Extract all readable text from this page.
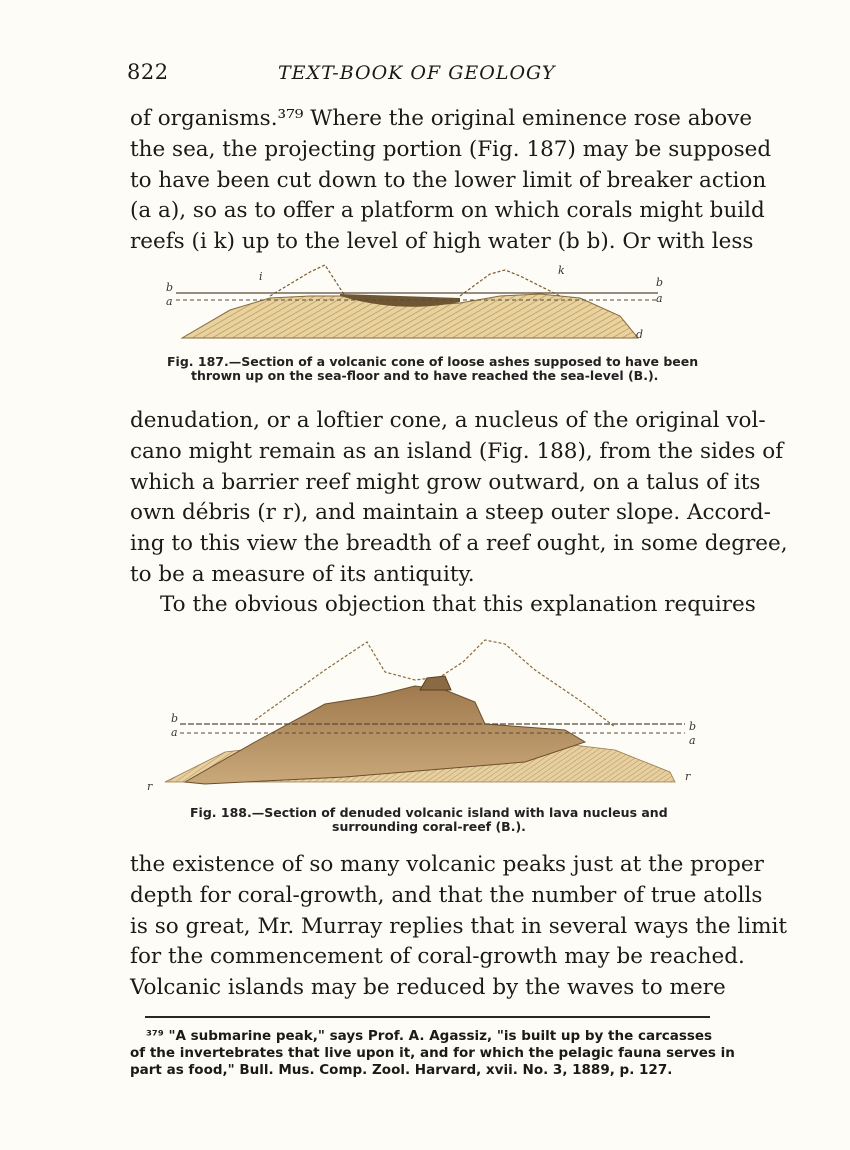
822	TEXT-BOOK OF GEOLOGY
of organisms.³⁷⁹ Where the original eminence rose above
the sea, the projecting portion (Fig. 187) may be supposed
to have been cut down to the lower limit of breaker action
(a a), so as to offer a platform on which corals might build
reefs (i k) up to the level of high water (b b). Or with less
b
a
i	k
b
a
d
Fig. 187.—Section of a volcanic cone of loose ashes supposed to have been
thrown up on the sea-floor and to have reached the sea-level (B.).
denudation, or a loftier cone, a nucleus of the original vol-
cano might remain as an island (Fig. 188), from the sides of
which a barrier reef might grow outward, on a talus of its
own débris (r r), and maintain a steep outer slope. Accord-
ing to this view the breadth of a reef ought, in some degree,
to be a measure of its antiquity.
To the obvious objection that this explanation requires
b
a
r
b
a
r
Fig. 188.—Section of denuded volcanic island with lava nucleus and
surrounding coral-reef (B.).
the existence of so many volcanic peaks just at the proper
depth for coral-growth, and that the number of true atolls
is so great, Mr. Murray replies that in several ways the limit
for the commencement of coral-growth may be reached.
Volcanic islands may be reduced by the waves to mere
³⁷⁹ "A submarine peak," says Prof. A. Agassiz, "is built up by the carcasses
of the invertebrates that live upon it, and for which the pelagic fauna serves in
part as food," Bull. Mus. Comp. Zool. Harvard, xvii. No. 3, 1889, p. 127.
